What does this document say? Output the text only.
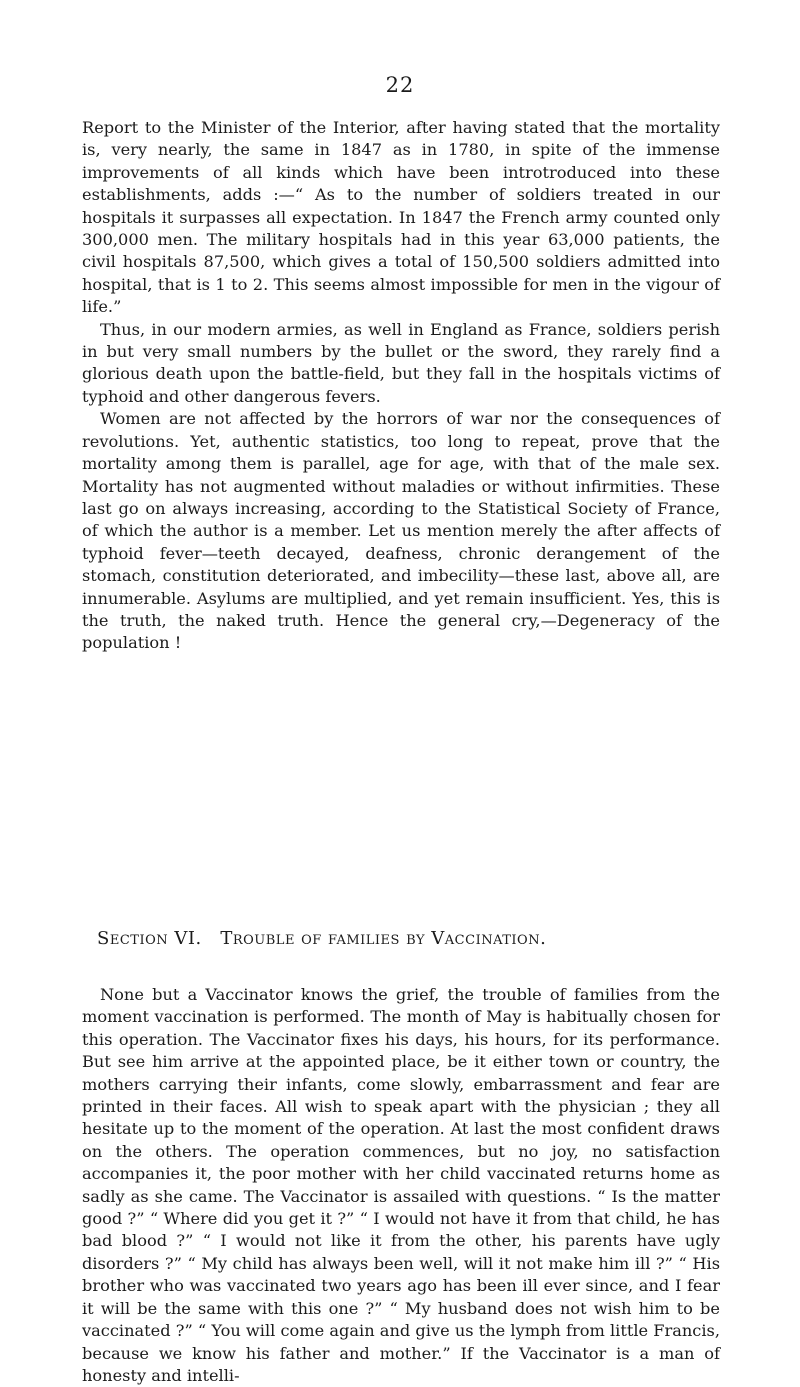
22

Report to the Minister of the Interior, after having stated that the mortality is, very nearly, the same in 1847 as in 1780, in spite of the immense improvements of all kinds which have been introtroduced into these establishments, adds :—“ As to the number of soldiers treated in our hospitals it surpasses all expectation. In 1847 the French army counted only 300,000 men. The military hospitals had in this year 63,000 patients, the civil hospitals 87,500, which gives a total of 150,500 soldiers admitted into hospital, that is 1 to 2. This seems almost impossible for men in the vigour of life.”

Thus, in our modern armies, as well in England as France, soldiers perish in but very small numbers by the bullet or the sword, they rarely find a glorious death upon the battle-field, but they fall in the hospitals victims of typhoid and other dangerous fevers.

Women are not affected by the horrors of war nor the consequences of revolutions. Yet, authentic statistics, too long to repeat, prove that the mortality among them is parallel, age for age, with that of the male sex. Mortality has not augmented without maladies or without infirmities. These last go on always increasing, according to the Statistical Society of France, of which the author is a member. Let us mention merely the after affects of typhoid fever—teeth decayed, deafness, chronic derangement of the stomach, constitution deteriorated, and imbecility—these last, above all, are innumerable. Asylums are multiplied, and yet remain insufficient. Yes, this is the truth, the naked truth. Hence the general cry,—Degeneracy of the population !

Section VI. Trouble of families by Vaccination.

None but a Vaccinator knows the grief, the trouble of families from the moment vaccination is performed. The month of May is habitually chosen for this operation. The Vaccinator fixes his days, his hours, for its performance. But see him arrive at the appointed place, be it either town or country, the mothers carrying their infants, come slowly, embarrassment and fear are printed in their faces. All wish to speak apart with the physician ; they all hesitate up to the moment of the operation. At last the most confident draws on the others. The operation commences, but no joy, no satisfaction accompanies it, the poor mother with her child vaccinated returns home as sadly as she came. The Vaccinator is assailed with questions. “ Is the matter good ?” “ Where did you get it ?” “ I would not have it from that child, he has bad blood ?” “ I would not like it from the other, his parents have ugly disorders ?” “ My child has always been well, will it not make him ill ?” “ His brother who was vaccinated two years ago has been ill ever since, and I fear it will be the same with this one ?” “ My husband does not wish him to be vaccinated ?” “ You will come again and give us the lymph from little Francis, because we know his father and mother.” If the Vaccinator is a man of honesty and intelli-
